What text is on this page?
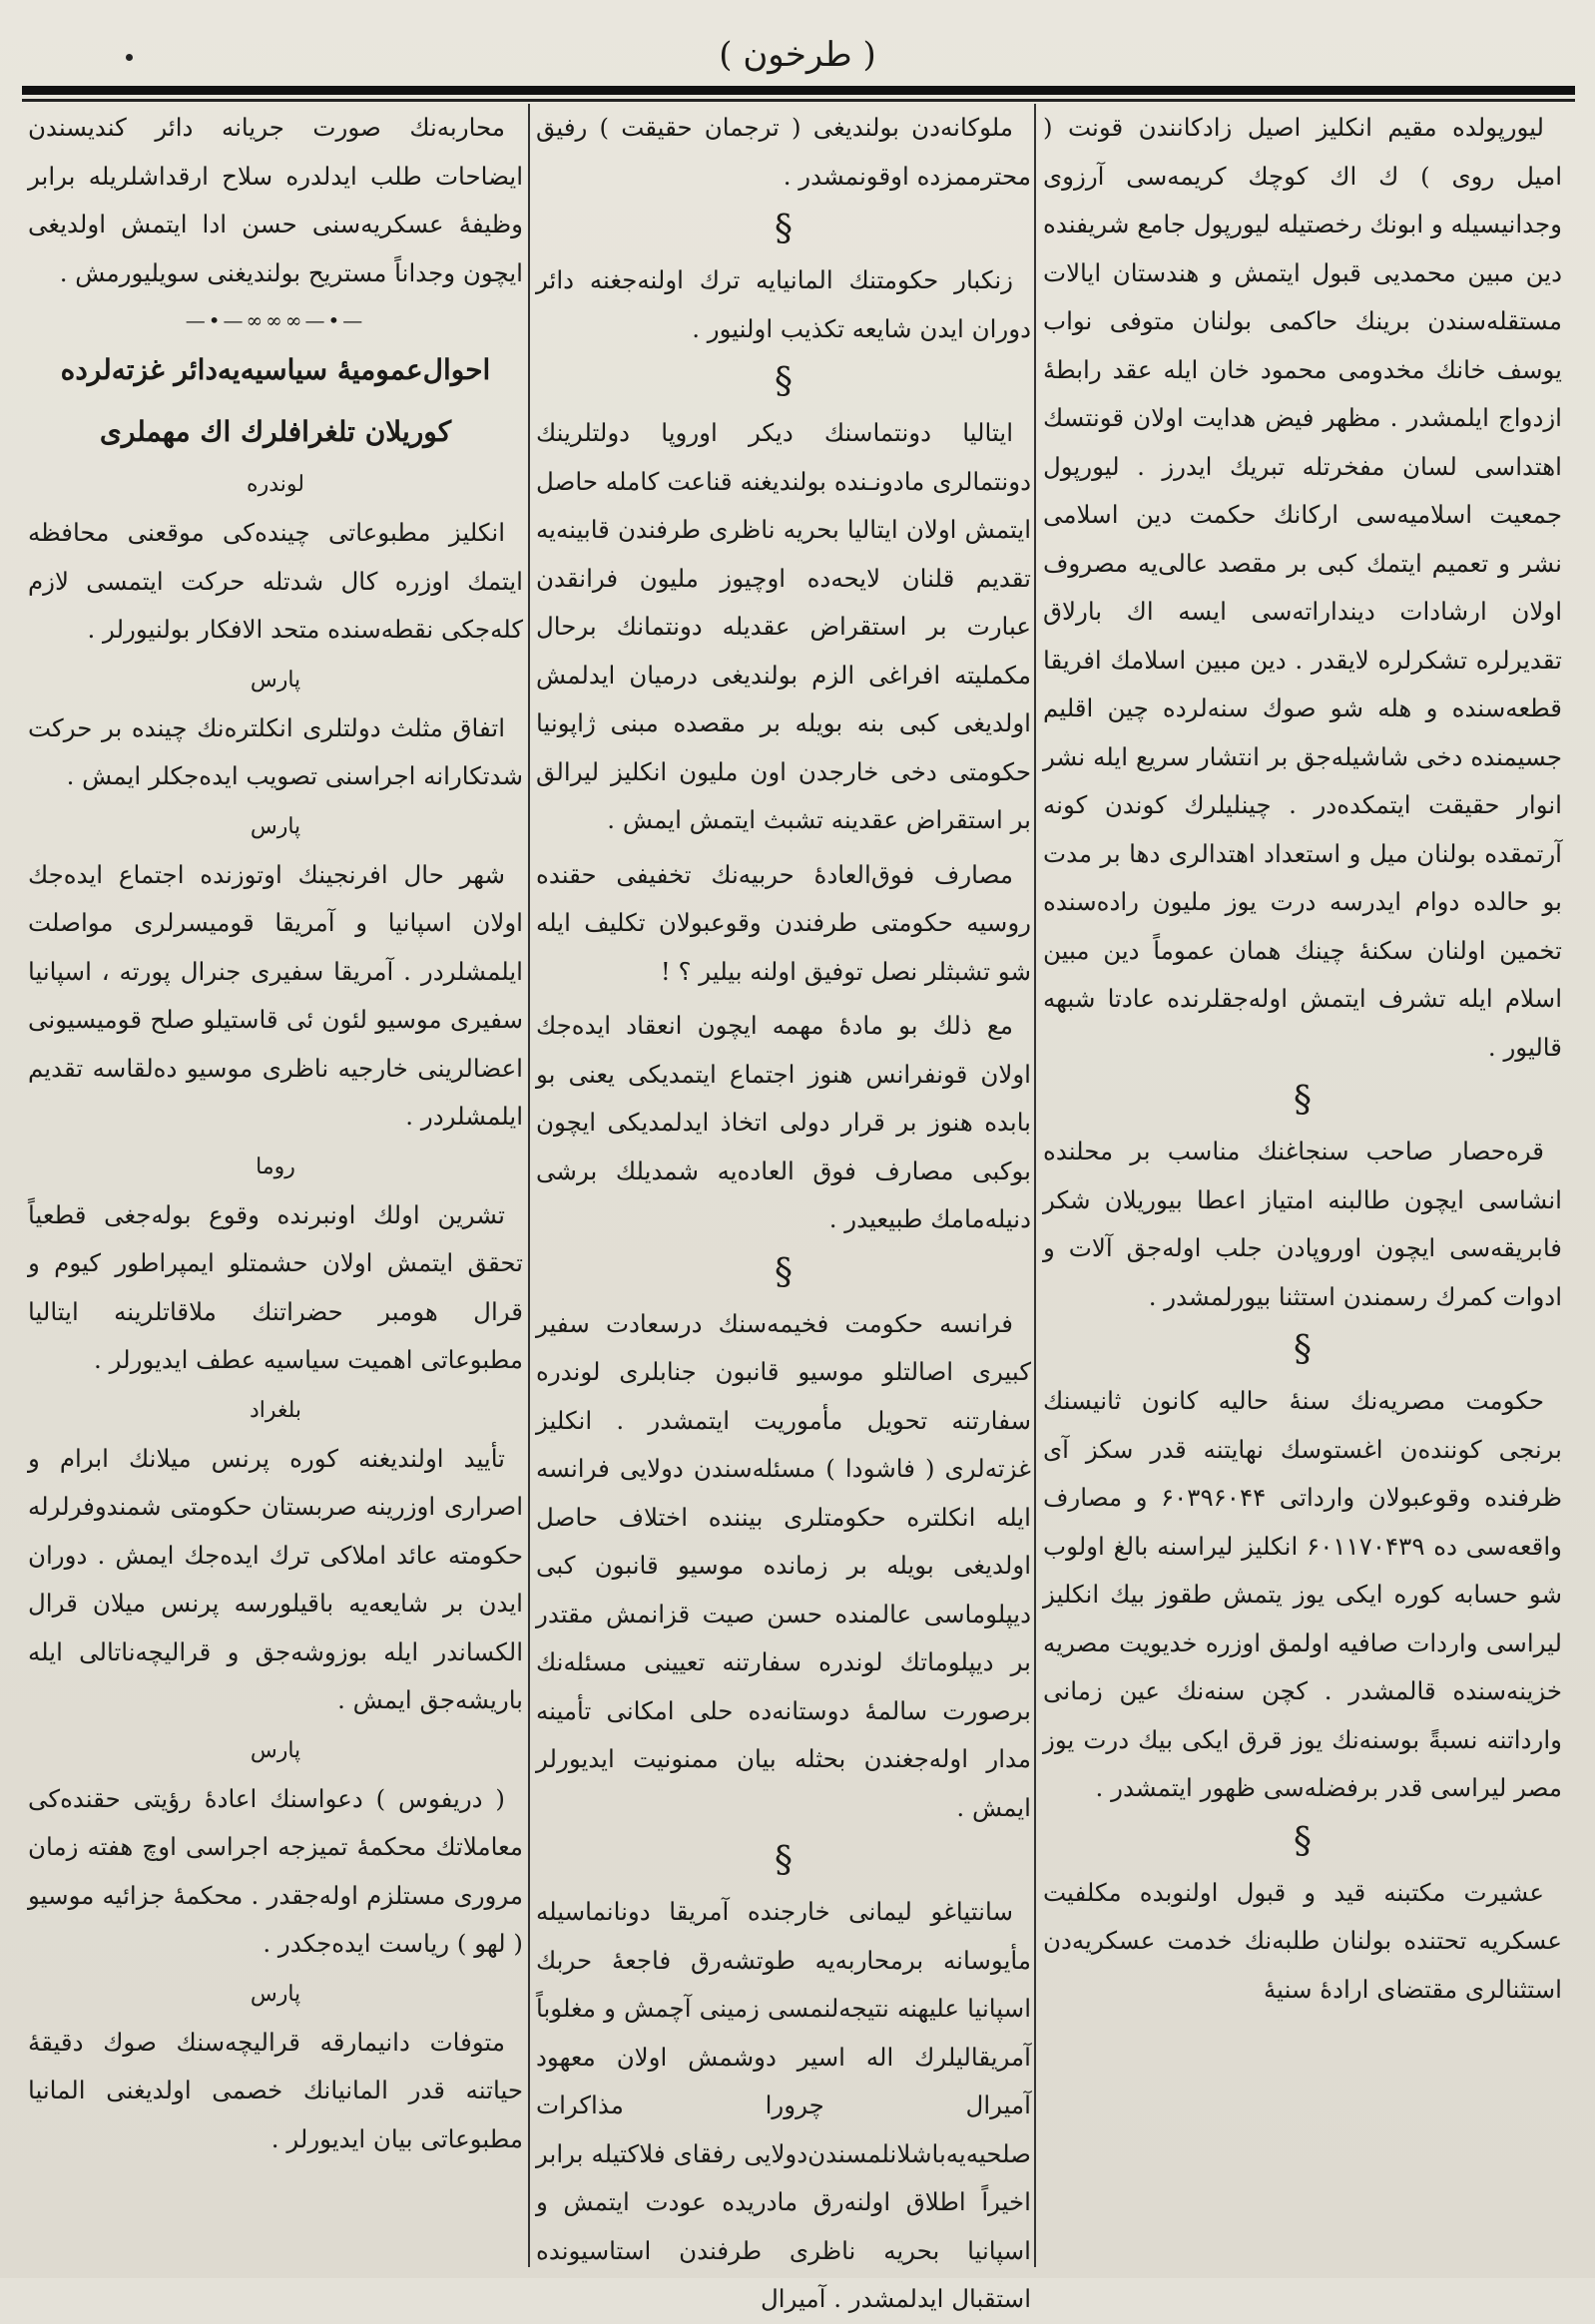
( طرخون )

لیورپولده مقیم انکلیز اصیل زادکانندن قونت ( امیل روی ) ك اك كوچك كریمه‌سی آرزوی وجدانیسیله و ابونك رخصتیله لیورپول جامع شریفنده دین مبین محمدیی قبول ایتمش و هندستان ایالات مستقله‌سندن برینك حاکمی بولنان متوفی نواب یوسف خانك مخدومی محمود خان ایله عقد رابطهٔ ازدواج ایلمشدر . مظهر فیض هدایت اولان قونتسك اهتداسی لسان مفخرتله تبریك ایدرز . لیورپول جمعیت اسلامیه‌سی ارکانك حکمت دین اسلامی نشر و تعمیم ایتمك كبی بر مقصد عالی‌یه مصروف اولان ارشادات دینداراته‌سی ایسه اك بارلاق تقدیرلره تشکرلره لایقدر . دین مبین اسلامك افریقا قطعه‌سنده و هله شو صوك سنه‌لرده چین اقلیم جسیمنده دخی شاشیله‌جق بر انتشار سریع ایله نشر انوار حقیقت ایتمكده‌در . چینلیلرك کوندن کونه آرتمقده بولنان میل و استعداد اهتدالری دها بر مدت بو حالده دوام ایدرسه درت یوز ملیون راده‌سنده تخمین اولنان سکنهٔ چینك همان عموماً دین مبین اسلام ایله تشرف ایتمش اوله‌جقلرنده عادتا شبهه قالیور .

§

قره‌حصار صاحب سنجاغنك مناسب بر محلنده انشاسی ایچون طالبنه امتیاز اعطا بیوریلان شکر فابریقه‌سی ایچون اوروپادن جلب اوله‌جق آلات و ادوات کمرك رسمندن استثنا بیورلمشدر .

§

حکومت مصریه‌نك سنهٔ حالیه کانون ثانیسنك برنجی کوننده‌ن اغستوسك نهایتنه قدر سکز آی ظرفنده وقوعبولان وارداتی ۶۰۳۹۶۰۴۴ و مصارف واقعه‌سی ده ۶۰۱۱۷۰۴۳۹ انکلیز لیراسنه بالغ اولوب شو حسابه کوره ایکی یوز یتمش طقوز بیك انکلیز لیراسی واردات صافیه اولمق اوزره خدیویت مصریه خزینه‌سنده قالمشدر . کچن سنه‌نك عین زمانی وارداتنه نسبةً بوسنه‌نك یوز قرق ایكی بیك درت یوز مصر لیراسی قدر برفضله‌سی ظهور ایتمشدر .

§

عشیرت مکتبنه قید و قبول اولنوبده مکلفیت عسکریه تحتنده بولنان طلبه‌نك خدمت عسکریه‌دن استثنالری مقتضای ارادهٔ سنیهٔ

ملوکانه‌دن بولندیغی ( ترجمان حقیقت ) رفیق محترممزده اوقونمشدر .

§

زنکبار حکومتنك المانیایه ترك اولنه‌جغنه دائر دوران ایدن شایعه تکذیب اولنیور .

§

ایتالیا دونتماسنك دیکر اوروپا دولتلرینك دونتمالری مادونـنده بولندیغنه قناعت کامله حاصل ایتمش اولان ایتالیا بحریه ناظری طرفندن قابینه‌یه تقدیم قلنان لایحه‌ده اوچیوز ملیون فرانقدن عبارت بر استقراض عقدیله دونتمانك برحال مکملیته افراغی الزم بولندیغی درمیان ایدلمش اولدیغی کبی بنه بویله بر مقصده مبنی ژاپونیا حکومتی دخی خارجدن اون ملیون انکلیز لیرالق بر استقراض عقدینه تشبث ایتمش ایمش .

مصارف فوق‌العادهٔ حربیه‌نك تخفیفی حقنده روسیه حکومتی طرفندن وقوعبولان تکلیف ایله شو تشبثلر نصل توفیق اولنه بیلیر ؟ !

مع ذلك بو مادهٔ مهمه ایچون انعقاد ایده‌جك اولان قونفرانس هنوز اجتماع ایتمدیکی یعنی بو بابده هنوز بر قرار دولی اتخاذ ایدلمدیکی ایچون بوکبی مصارف فوق العاده‌یه شمدیلك برشی دنیله‌مامك طبیعیدر .

§

فرانسه حکومت فخیمه‌سنك درسعادت سفیر کبیری اصالتلو موسیو قانبون جنابلری لوندره سفارتنه تحویل مأموریت ایتمشدر . انکلیز غزته‌لری ( فاشودا ) مسئله‌سندن دولایی فرانسه ایله انکلتره حکومتلری بیننده اختلاف حاصل اولدیغی بویله بر زمانده موسیو قانبون کبی دیپلوماسی عالمنده حسن صیت قزانمش مقتدر بر دیپلوماتك لوندره سفارتنه تعیینی مسئله‌نك برصورت سالمهٔ دوستانه‌ده حلی امکانی تأمینه مدار اوله‌جغندن بحثله بیان ممنونیت ایدیورلر ایمش .

§

سانتیاغو لیمانی خارجنده آمریقا دونانماسیله مأیوسانه برمحاربه‌یه طوتشه‌رق فاجعهٔ حربك اسپانیا علیهنه نتیجه‌لنمسی زمینی آچمش و مغلوباً آمریقالیلرك اله اسیر دوشمش اولان معهود آمیرال چرورا مذاکرات صلحیه‌یه‌باشلانلمسندن‌دولایی رفقای فلاکتیله برابر اخیراً اطلاق اولنه‌رق مادریده عودت ایتمش و اسپانیا بحریه ناظری طرفندن استاسیونده استقبال ایدلمشدر . آمیرال

محاربه‌نك صورت جریانه دائر کندیسندن ایضاحات طلب ایدلدره سلاح ارقداشلریله برابر وظیفهٔ عسکریه‌سنی حسن ادا ایتمش اولدیغی ایچون وجداناً مستریح بولندیغنی سویلیورمش .

—•—∞∞∞—•—
احوال‌عمومیهٔ سیاسیه‌یه‌دائر غزته‌لرده
کوریلان تلغرافلرك اك مهملری
لوندره

انکلیز مطبوعاتی چینده‌کی موقعنی محافظه ایتمك اوزره کال شدتله حرکت ایتمسی لازم کله‌جکی نقطه‌سنده متحد الافکار بولنیورلر .

پارس

اتفاق مثلث دولتلری انکلتره‌نك چینده بر حرکت شدتکارانه اجراسنی تصویب ایده‌جکلر ایمش .

پارس

شهر حال افرنجینك اوتوزنده اجتماع ایده‌جك اولان اسپانیا و آمریقا قومیسرلری مواصلت ایلمشلردر . آمریقا سفیری جنرال پورته ، اسپانیا سفیری موسیو لئون ئی قاستیلو صلح قومیسیونی اعضالرینی خارجیه ناظری موسیو ده‌لقاسه تقدیم ایلمشلردر .

روما

تشرین اولك اونبرنده وقوع بوله‌جغی قطعیاً تحقق ایتمش اولان حشمتلو ایمپراطور کیوم و قرال هومبر حضراتنك ملاقاتلرینه ایتالیا مطبوعاتی اهمیت سیاسیه عطف ایدیورلر .

بلغراد

تأیید اولندیغنه کوره پرنس میلانك ابرام و اصراری اوزرینه صربستان حکومتی شمندوفرلرله حکومته عائد املاکی ترك ایده‌جك ایمش . دوران ایدن بر شایعه‌یه باقیلورسه پرنس میلان قرال الکساندر ایله بوزوشه‌جق و قرالیچه‌ناتالی ایله باریشه‌جق ایمش .

پارس

( دریفوس ) دعواسنك اعادهٔ رؤیتی حقنده‌کی معاملاتك محکمهٔ تمیزجه اجراسی اوچ هفته زمان مروری مستلزم اوله‌جقدر . محکمهٔ جزائیه موسیو ( لهو ) ریاست ایده‌جکدر .

پارس

متوفات دانیمارقه قرالیچه‌سنك صوك دقیقهٔ حیاتنه قدر المانیانك خصمی اولدیغنی المانیا مطبوعاتی بیان ایدیورلر .
